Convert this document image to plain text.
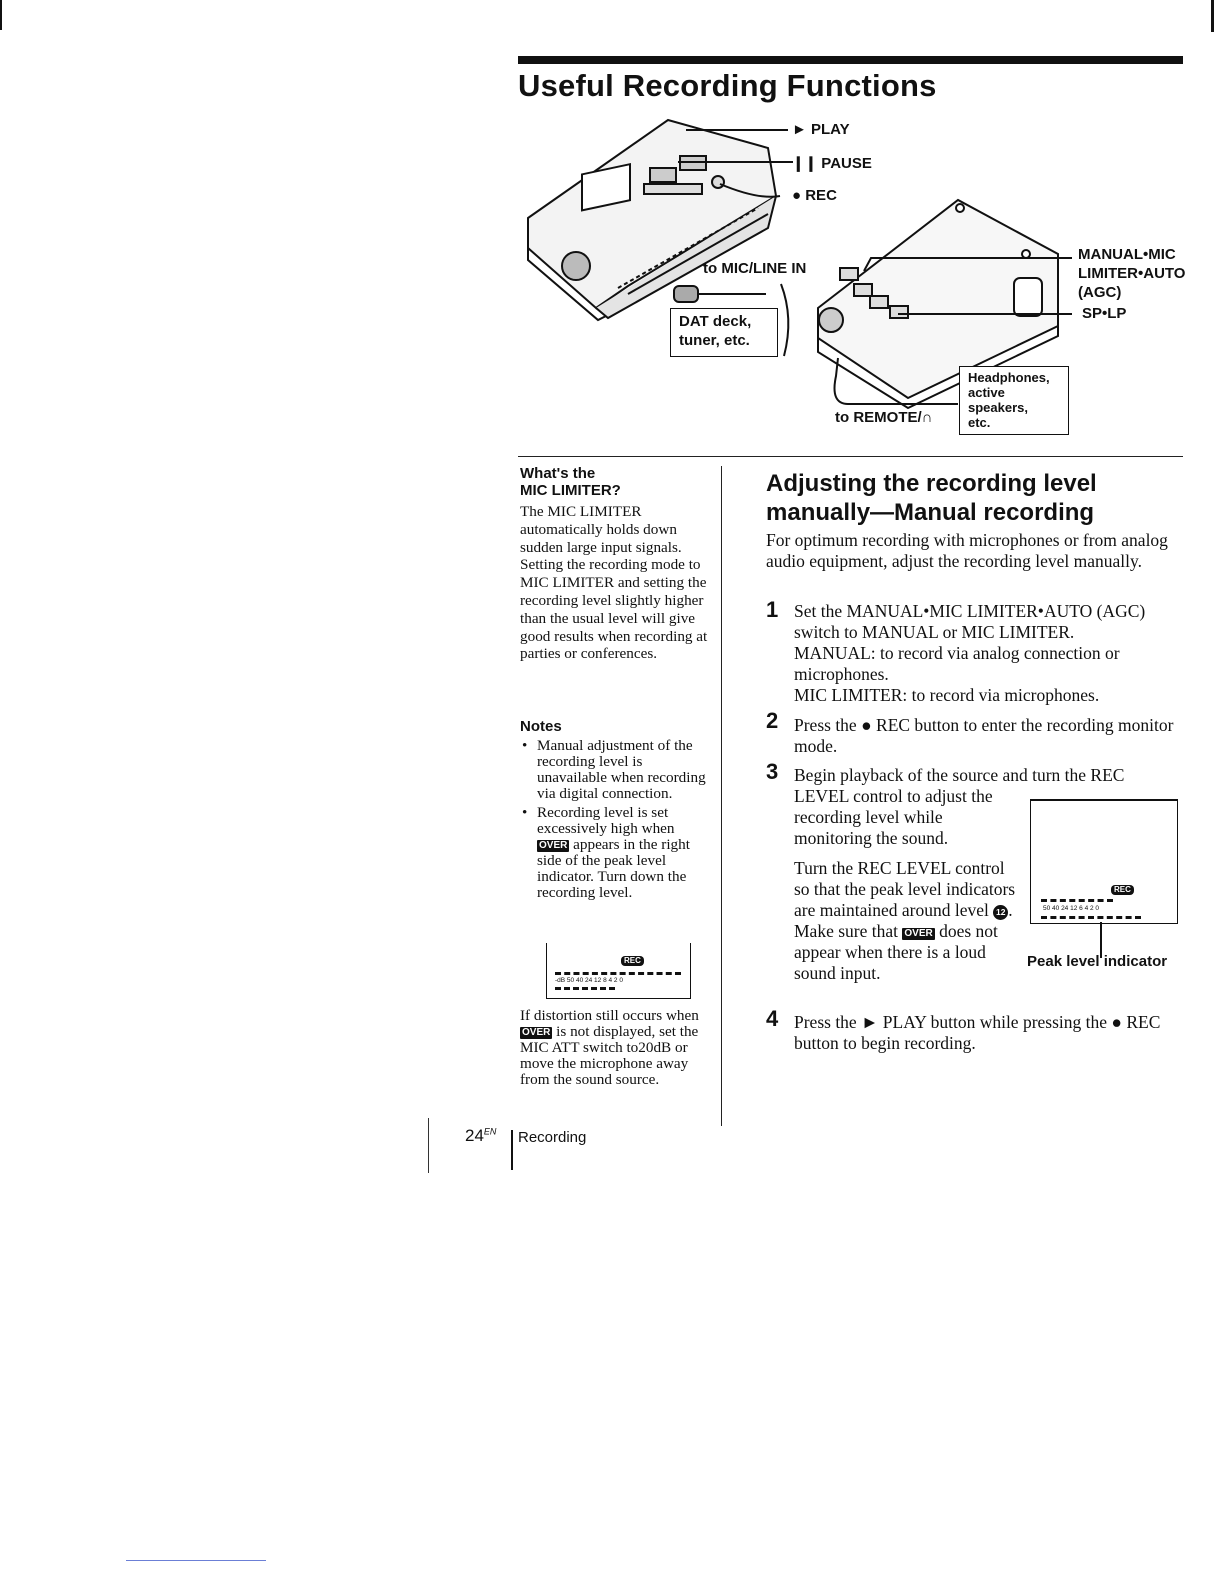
Useful Recording Functions
► PLAY
❙❙ PAUSE
● REC
to MIC/LINE IN
DAT deck,
tuner, etc.
MANUAL•MIC
LIMITER•AUTO
(AGC)
SP•LP
Headphones,
active
speakers,
etc.
to REMOTE/∩
What's the
MIC LIMITER?
The MIC LIMITER automatically holds down sudden large input signals. Setting the recording mode to MIC LIMITER and setting the recording level slightly higher than the usual level will give good results when recording at parties or conferences.
Notes
• Manual adjustment of the recording level is unavailable when recording via digital connection.
• Recording level is set excessively high when OVER appears in the right side of the peak level indicator. Turn down the recording level.
REC
-dB 50 40 24 12 8 4 2 0
If distortion still occurs when OVER is not displayed, set the MIC ATT switch to20dB or move the microphone away from the sound source.
Adjusting the recording level manually—Manual recording
For optimum recording with microphones or from analog audio equipment, adjust the recording level manually.
1 Set the MANUAL•MIC LIMITER•AUTO (AGC)
switch to MANUAL or MIC LIMITER.
MANUAL: to record via analog connection or microphones.
MIC LIMITER: to record via microphones.
2 Press the ● REC button to enter the recording monitor mode.
3 Begin playback of the source and turn the REC
LEVEL control to adjust the recording level while monitoring the sound.
Turn the REC LEVEL control so that the peak level indicators are maintained around level 12 . Make sure that OVER does not appear when there is a loud sound input.
REC
50 40 24 12 6 4 2 0
Peak level indicator
4 Press the ► PLAY button while pressing the ● REC button to begin recording.
$24^{EN}$ Recording
